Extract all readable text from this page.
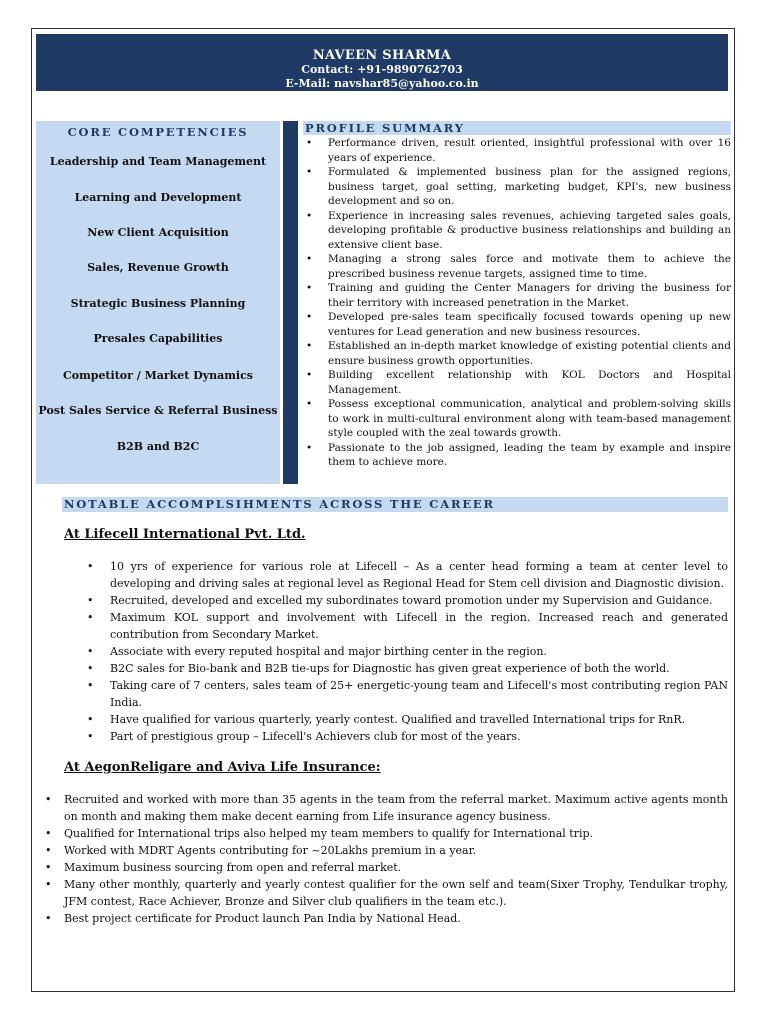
NAVEEN SHARMA
Contact: +91-9890762703
E-Mail: navshar85@yahoo.co.in
CORE COMPETENCIES
Leadership and Team Management
Learning and Development
New Client Acquisition
Sales, Revenue Growth
Strategic Business Planning
Presales Capabilities
Competitor / Market Dynamics
Post Sales Service & Referral Business
B2B and B2C
PROFILE SUMMARY
• Performance driven, result oriented, insightful professional with over 16 years of experience.
• Formulated & implemented business plan for the assigned regions, business target, goal setting, marketing budget, KPI's, new business development and so on.
• Experience in increasing sales revenues, achieving targeted sales goals, developing profitable & productive business relationships and building an extensive client base.
• Managing a strong sales force and motivate them to achieve the prescribed business revenue targets, assigned time to time.
• Training and guiding the Center Managers for driving the business for their territory with increased penetration in the Market.
• Developed pre-sales team specifically focused towards opening up new ventures for Lead generation and new business resources.
• Established an in-depth market knowledge of existing potential clients and ensure business growth opportunities.
• Building excellent relationship with KOL Doctors and Hospital Management.
• Possess exceptional communication, analytical and problem-solving skills to work in multi-cultural environment along with team-based management style coupled with the zeal towards growth.
• Passionate to the job assigned, leading the team by example and inspire them to achieve more.
NOTABLE ACCOMPLSIHMENTS ACROSS THE CAREER
At Lifecell International Pvt. Ltd.
• 10 yrs of experience for various role at Lifecell – As a center head forming a team at center level to developing and driving sales at regional level as Regional Head for Stem cell division and Diagnostic division.
• Recruited, developed and excelled my subordinates toward promotion under my Supervision and Guidance.
• Maximum KOL support and involvement with Lifecell in the region. Increased reach and generated contribution from Secondary Market.
• Associate with every reputed hospital and major birthing center in the region.
• B2C sales for Bio-bank and B2B tie-ups for Diagnostic has given great experience of both the world.
• Taking care of 7 centers, sales team of 25+ energetic-young team and Lifecell's most contributing region PAN India.
• Have qualified for various quarterly, yearly contest. Qualified and travelled International trips for RnR.
• Part of prestigious group – Lifecell's Achievers club for most of the years.
At AegonReligare and Aviva Life Insurance:
• Recruited and worked with more than 35 agents in the team from the referral market. Maximum active agents month on month and making them make decent earning from Life insurance agency business.
• Qualified for International trips also helped my team members to qualify for International trip.
• Worked with MDRT Agents contributing for ~20Lakhs premium in a year.
• Maximum business sourcing from open and referral market.
• Many other monthly, quarterly and yearly contest qualifier for the own self and team(Sixer Trophy, Tendulkar trophy, JFM contest, Race Achiever, Bronze and Silver club qualifiers in the team etc.).
• Best project certificate for Product launch Pan India by National Head.
